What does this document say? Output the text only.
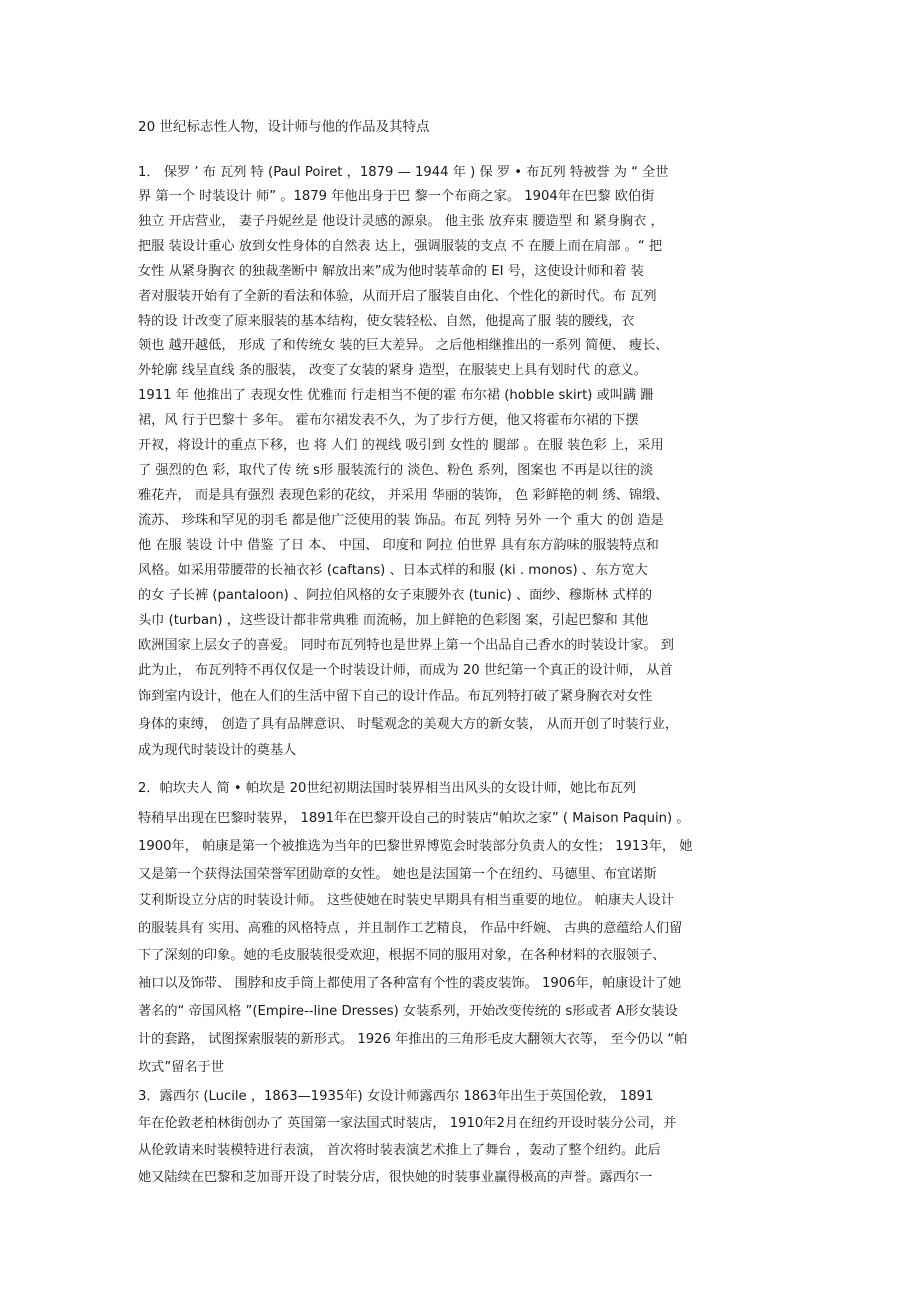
20 世纪标志性人物，设计师与他的作品及其特点
1． 保罗 ’ 布 瓦列 特 (Paul Poiret ，1879 — 1944 年 ) 保 罗 • 布瓦列 特被誉 为 “ 全世
界 第一个 时装设计 师” 。1879 年他出身于巴 黎一个布商之家。 1904年在巴黎 欧伯街
独立 开店营业， 妻子丹妮丝是 他设计灵感的源泉。 他主张 放弃束 腰造型 和 紧身胸衣 ，
把服 装设计重心 放到女性身体的自然表 达上，强调服装的支点 不 在腰上而在肩部 。“ 把
女性 从紧身胸衣 的独裁垄断中 解放出来”成为他时装革命的 EI 号，这使设计师和着 装
者对服装开始有了全新的看法和体验，从而开启了服装自由化、个性化的新时代。布 瓦列
特的设 计改变了原来服装的基本结构，使女装轻松、自然，他提高了服 装的腰线，衣
领也 越开越低， 形成 了和传统女 装的巨大差异。 之后他相继推出的一系列 简便、 瘦长、
外轮廓 线呈直线 条的服装， 改变了女装的紧身 造型，在服装史上具有划时代 的意义。
1911 年 他推出了 表现女性 优雅而 行走相当不便的霍 布尔裙 (hobble skirt) 或叫蹒 跚
裙，风 行于巴黎十 多年。 霍布尔裙发表不久，为了步行方便，他又将霍布尔裙的下摆
开衩，将设计的重点下移，也 将 人们 的视线 吸引到 女性的 腿部 。在服 装色彩 上，采用
了 强烈的色 彩，取代了传 统 s形 服装流行的 淡色、粉色 系列，图案也 不再是以往的淡
雅花卉， 而是具有强烈 表现色彩的花纹， 并采用 华丽的装饰， 色 彩鲜艳的刺 绣、锦缎、
流苏、 珍珠和罕见的羽毛 都是他广泛使用的装 饰品。布瓦 列特 另外 一个 重大 的创 造是
他 在服 装设 计中 借鉴 了日 本、 中国、 印度和 阿拉 伯世界 具有东方韵味的服装特点和
风格。如采用带腰带的长袖衣衫 (caftans) 、日本式样的和服 (ki . monos) 、东方宽大
的女 子长裤 (pantaloon) 、阿拉伯风格的女子束腰外衣 (tunic) 、面纱、穆斯林 式样的
头巾 (turban) ，这些设计都非常典雅 而流畅，加上鲜艳的色彩图 案，引起巴黎和 其他
欧洲国家上层女子的喜爱。 同时布瓦列特也是世界上第一个出品自己香水的时装设计家。 到
此为止， 布瓦列特不再仅仅是一个时装设计师，而成为 20 世纪第一个真正的设计师， 从首
饰到室内设计，他在人们的生活中留下自己的设计作品。布瓦列特打破了紧身胸衣对女性
身体的束缚， 创造了具有品牌意识、 时髦观念的美观大方的新女装， 从而开创了时装行业，
成为现代时装设计的奠基人
2．帕坎夫人 简 • 帕坎是 20世纪初期法国时装界相当出风头的女设计师，她比布瓦列
特稍早出现在巴黎时装界， 1891年在巴黎开设自己的时装店“帕坎之家” ( Maison Paquin) 。
1900年， 帕康是第一个被推选为当年的巴黎世界博览会时装部分负责人的女性； 1913年， 她
又是第一个获得法国荣誉军团勋章的女性。 她也是法国第一个在纽约、马德里、布宜诺斯
艾利斯设立分店的时装设计师。 这些使她在时装史早期具有相当重要的地位。 帕康夫人设计
的服装具有 实用、高雅的风格特点 ，并且制作工艺精良， 作品中纤婉、 古典的意蕴给人们留
下了深刻的印象。她的毛皮服装很受欢迎，根据不同的服用对象，在各种材料的衣服领子、
袖口以及饰带、 围脖和皮手筒上都使用了各种富有个性的裘皮装饰。 1906年，帕康设计了她
著名的“ 帝国风格 ”(Empire--line Dresses) 女装系列，开始改变传统的 s形或者 A形女装设
计的套路， 试图探索服装的新形式。 1926 年推出的三角形毛皮大翻领大衣等， 至今仍以 “帕
坎式”留名于世
3．露西尔 (Lucile ，1863—1935年) 女设计师露西尔 1863年出生于英国伦敦， 1891
年在伦敦老柏林街创办了 英国第一家法国式时装店， 1910年2月在纽约开设时装分公司，并
从伦敦请来时装模特进行表演， 首次将时装表演艺术推上了舞台 ，轰动了整个纽约。此后
她又陆续在巴黎和芝加哥开设了时装分店，很快她的时装事业赢得极高的声誉。露西尔一
